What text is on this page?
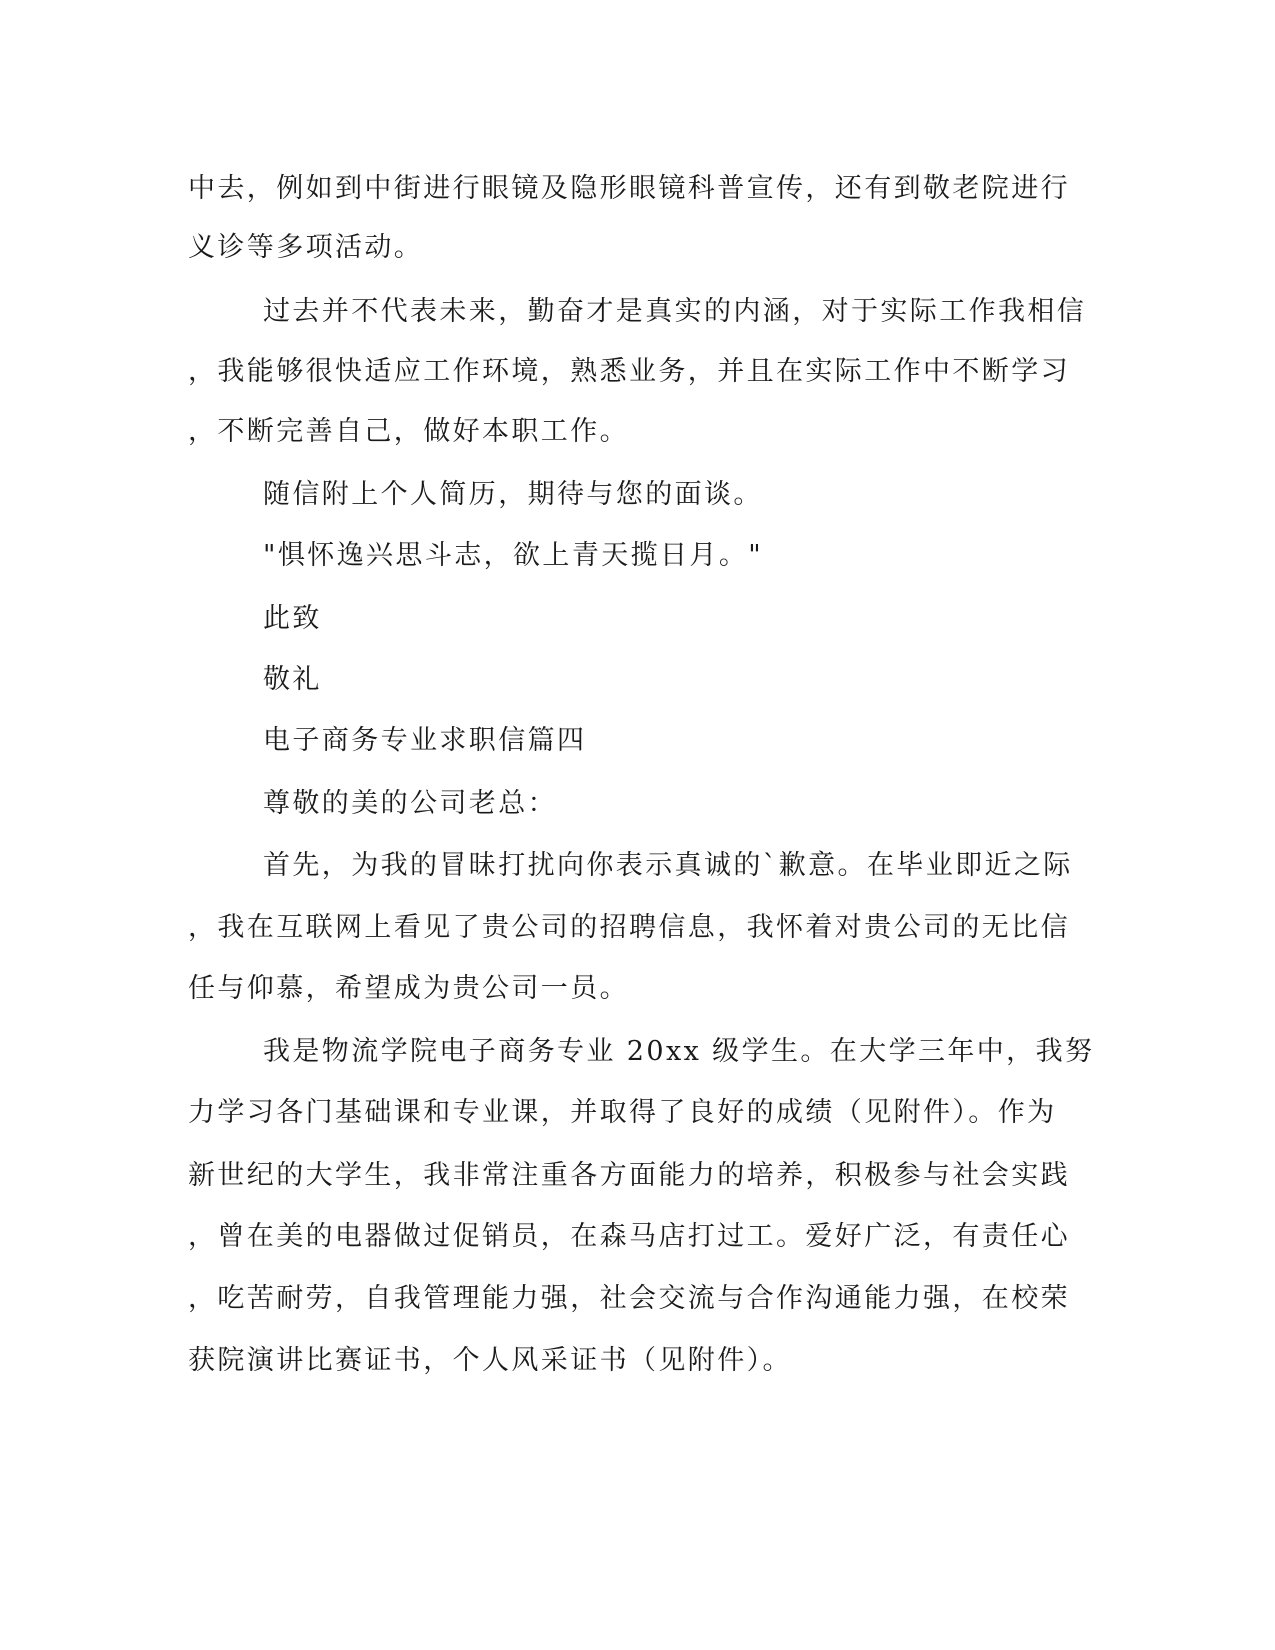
中去，例如到中街进行眼镜及隐形眼镜科普宣传，还有到敬老院进行
义诊等多项活动。
过去并不代表未来，勤奋才是真实的内涵，对于实际工作我相信
，我能够很快适应工作环境，熟悉业务，并且在实际工作中不断学习
，不断完善自己，做好本职工作。
随信附上个人简历，期待与您的面谈。
"惧怀逸兴思斗志，欲上青天揽日月。"
此致
敬礼
电子商务专业求职信篇四
尊敬的美的公司老总：
首先，为我的冒昧打扰向你表示真诚的`歉意。在毕业即近之际
，我在互联网上看见了贵公司的招聘信息，我怀着对贵公司的无比信
任与仰慕，希望成为贵公司一员。
我是物流学院电子商务专业 20xx 级学生。在大学三年中，我努
力学习各门基础课和专业课，并取得了良好的成绩（见附件）。作为
新世纪的大学生，我非常注重各方面能力的培养，积极参与社会实践
，曾在美的电器做过促销员，在森马店打过工。爱好广泛，有责任心
，吃苦耐劳，自我管理能力强，社会交流与合作沟通能力强，在校荣
获院演讲比赛证书，个人风采证书（见附件）。
